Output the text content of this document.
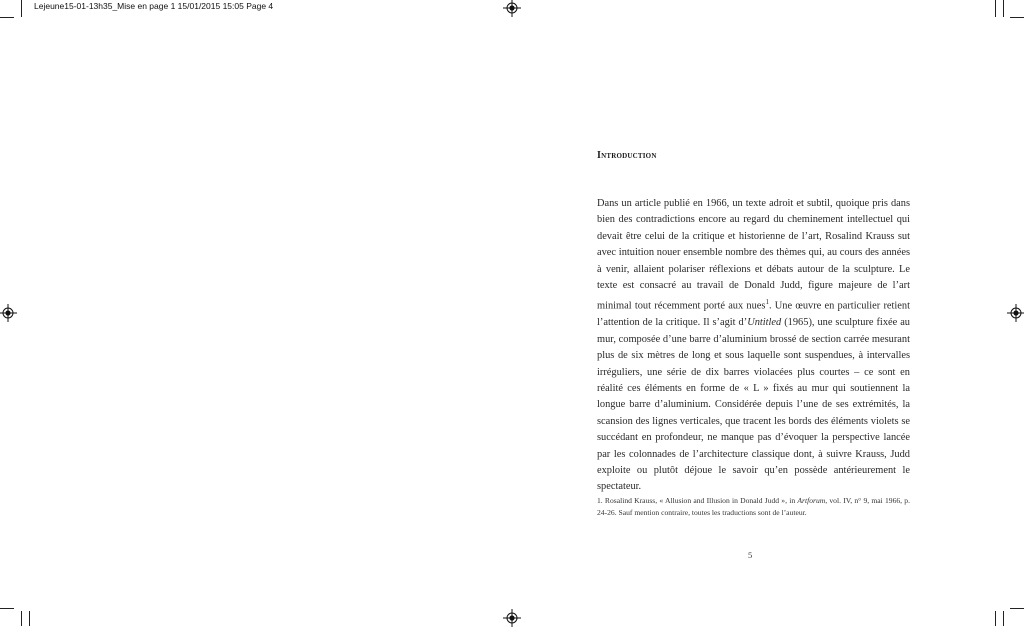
Lejeune15-01-13h35_Mise en page 1 15/01/2015 15:05 Page 4
Introduction

Dans un article publié en 1966, un texte adroit et subtil, quoique pris dans bien des contradictions encore au regard du cheminement intellectuel qui devait être celui de la critique et historienne de l’art, Rosalind Krauss sut avec intuition nouer ensemble nombre des thèmes qui, au cours des années à venir, allaient polariser réflexions et débats autour de la sculpture. Le texte est consacré au travail de Donald Judd, figure majeure de l’art minimal tout récemment porté aux nues$^1$. Une œuvre en particulier retient l’attention de la critique. Il s’agit d’Untitled (1965), une sculpture fixée au mur, composée d’une barre d’aluminium brossé de section carrée mesurant plus de six mètres de long et sous laquelle sont suspendues, à intervalles irréguliers, une série de dix barres violacées plus courtes – ce sont en réalité ces éléments en forme de « L » fixés au mur qui soutiennent la longue barre d’aluminium. Considérée depuis l’une de ses extrémités, la scansion des lignes verticales, que tracent les bords des éléments violets se succédant en profondeur, ne manque pas d’évoquer la perspective lancée par les colonnades de l’architecture classique dont, à suivre Krauss, Judd exploite ou plutôt déjoue le savoir qu’en possède antérieurement le spectateur.

1. Rosalind Krauss, « Allusion and Illusion in Donald Judd », in Artforum, vol. IV, n° 9, mai 1966, p. 24-26. Sauf mention contraire, toutes les traductions sont de l’auteur.

5
